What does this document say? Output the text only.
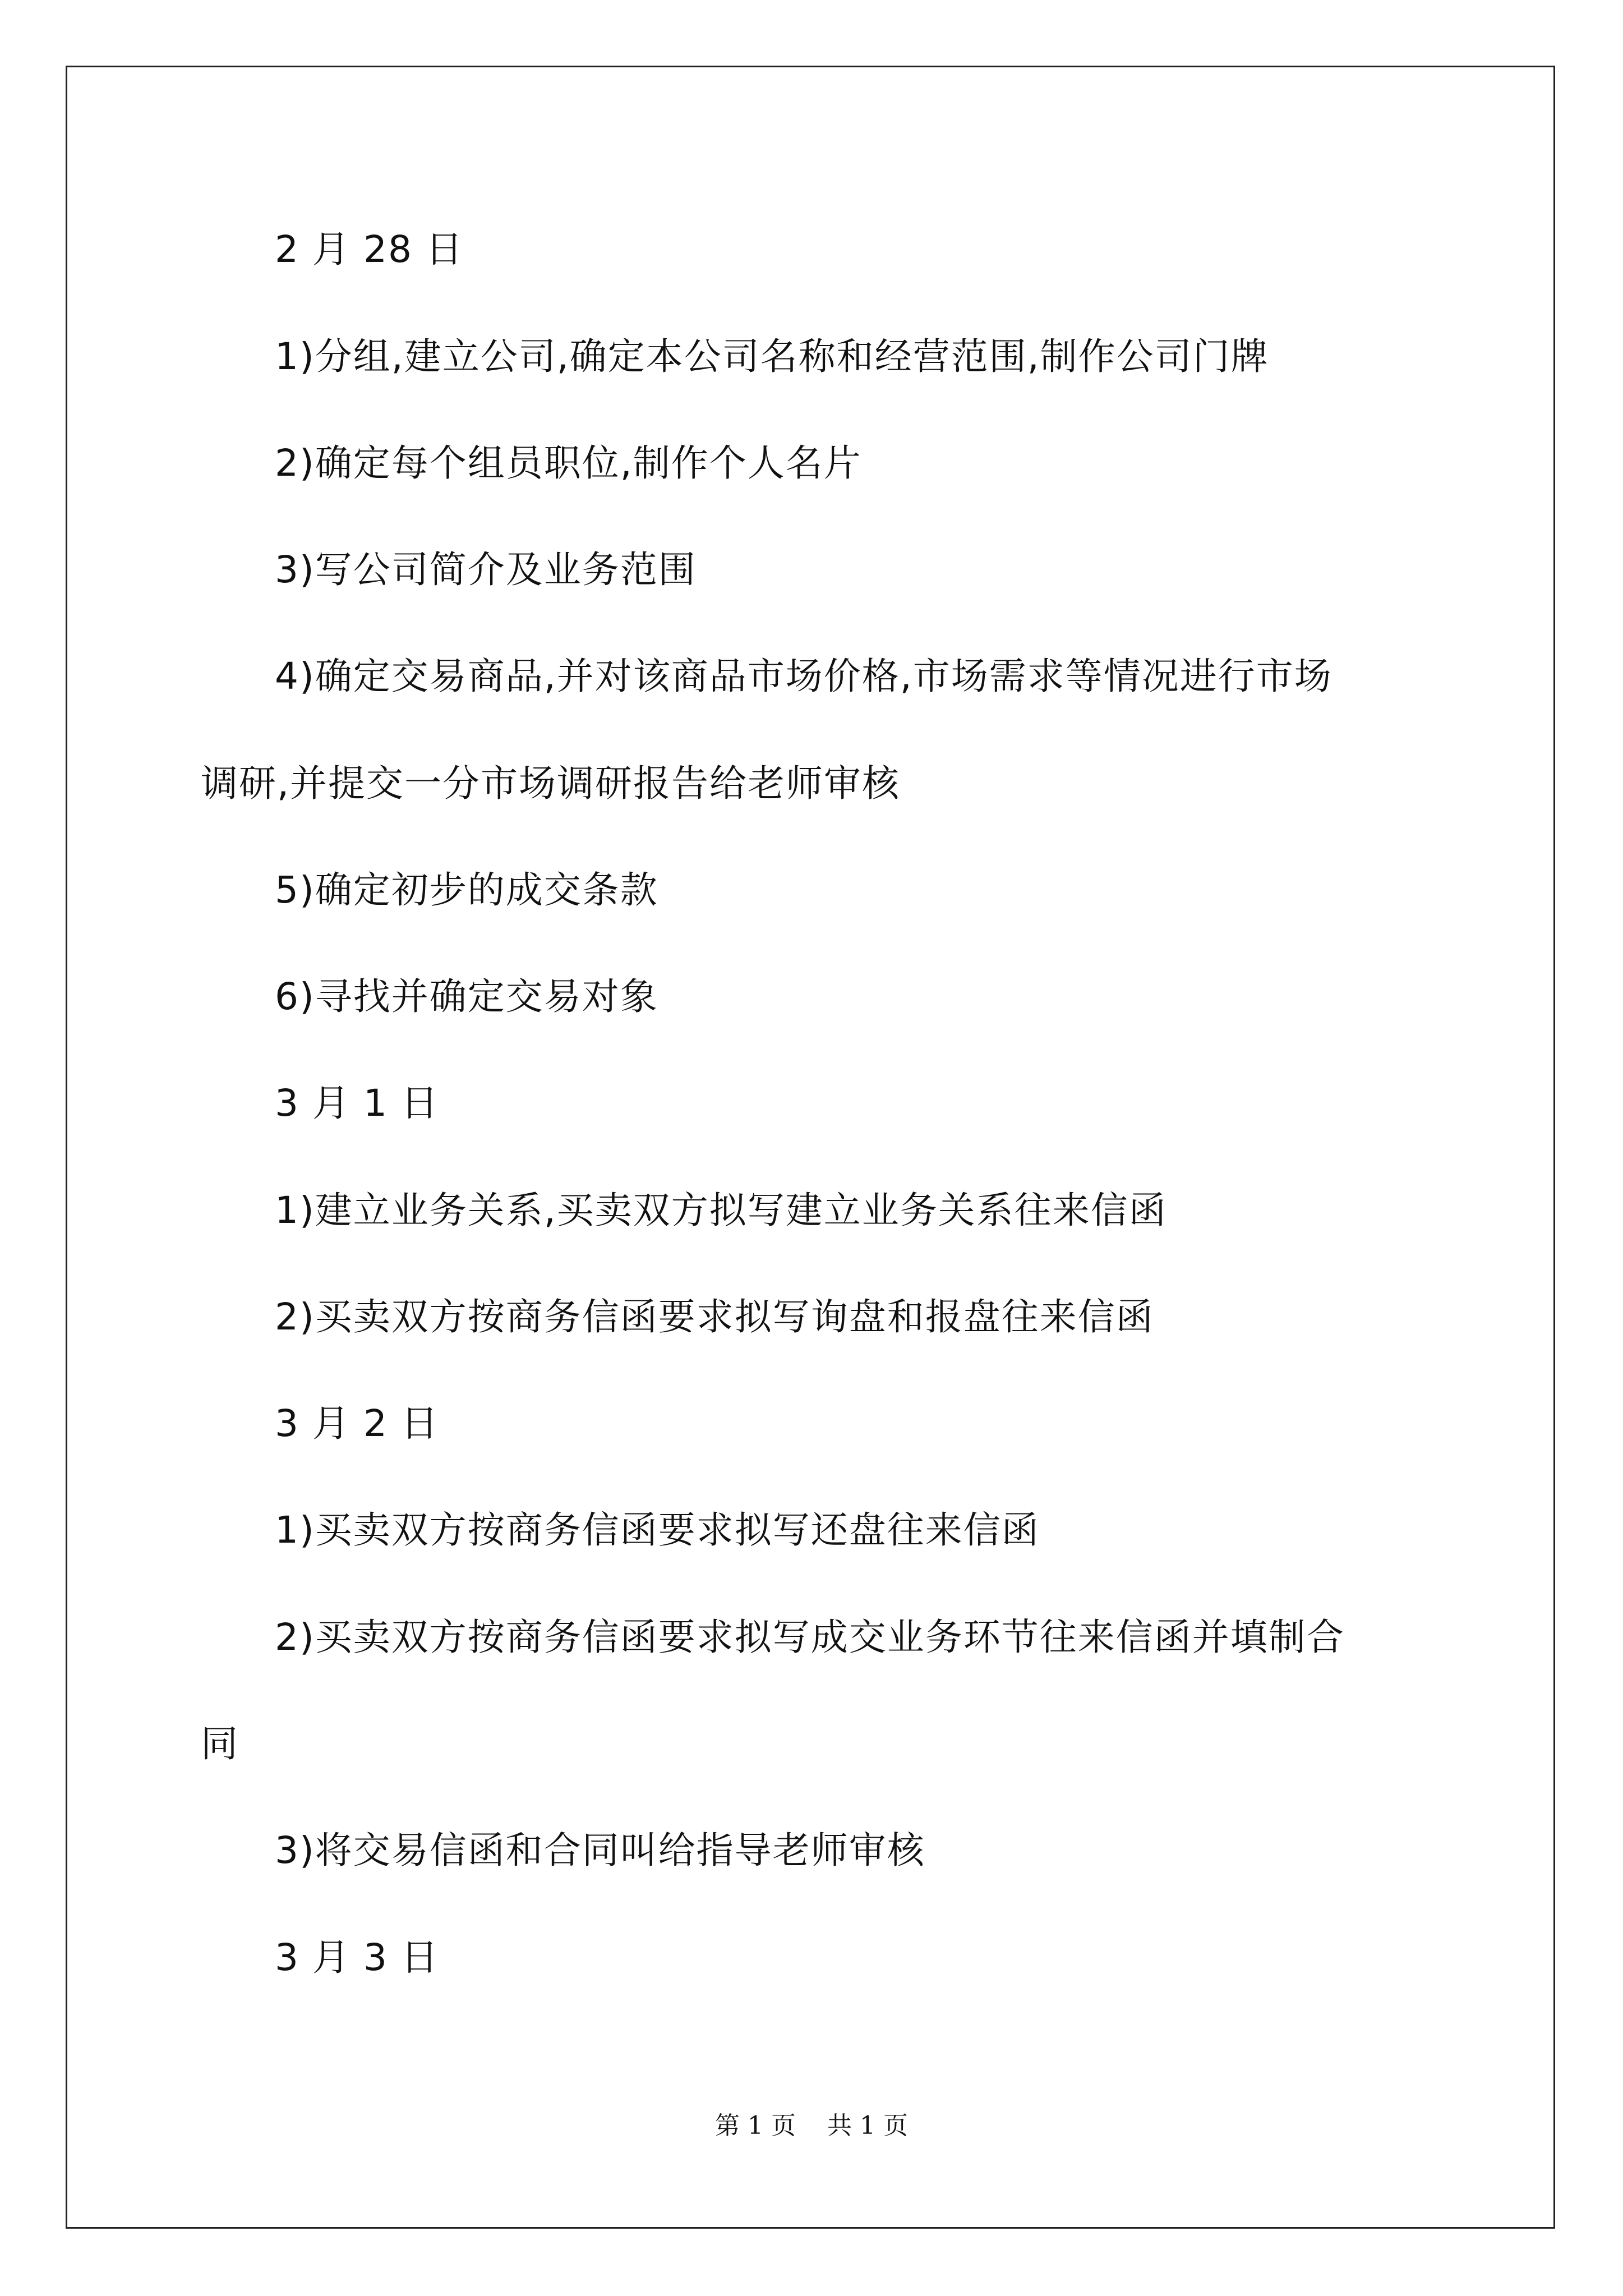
2 月 28 日
1)分组,建立公司,确定本公司名称和经营范围,制作公司门牌
2)确定每个组员职位,制作个人名片
3)写公司简介及业务范围
4)确定交易商品,并对该商品市场价格,市场需求等情况进行市场
调研,并提交一分市场调研报告给老师审核
5)确定初步的成交条款
6)寻找并确定交易对象
3 月 1 日
1)建立业务关系,买卖双方拟写建立业务关系往来信函
2)买卖双方按商务信函要求拟写询盘和报盘往来信函
3 月 2 日
1)买卖双方按商务信函要求拟写还盘往来信函
2)买卖双方按商务信函要求拟写成交业务环节往来信函并填制合
同
3)将交易信函和合同叫给指导老师审核
3 月 3 日
第 1 页 共 1 页
